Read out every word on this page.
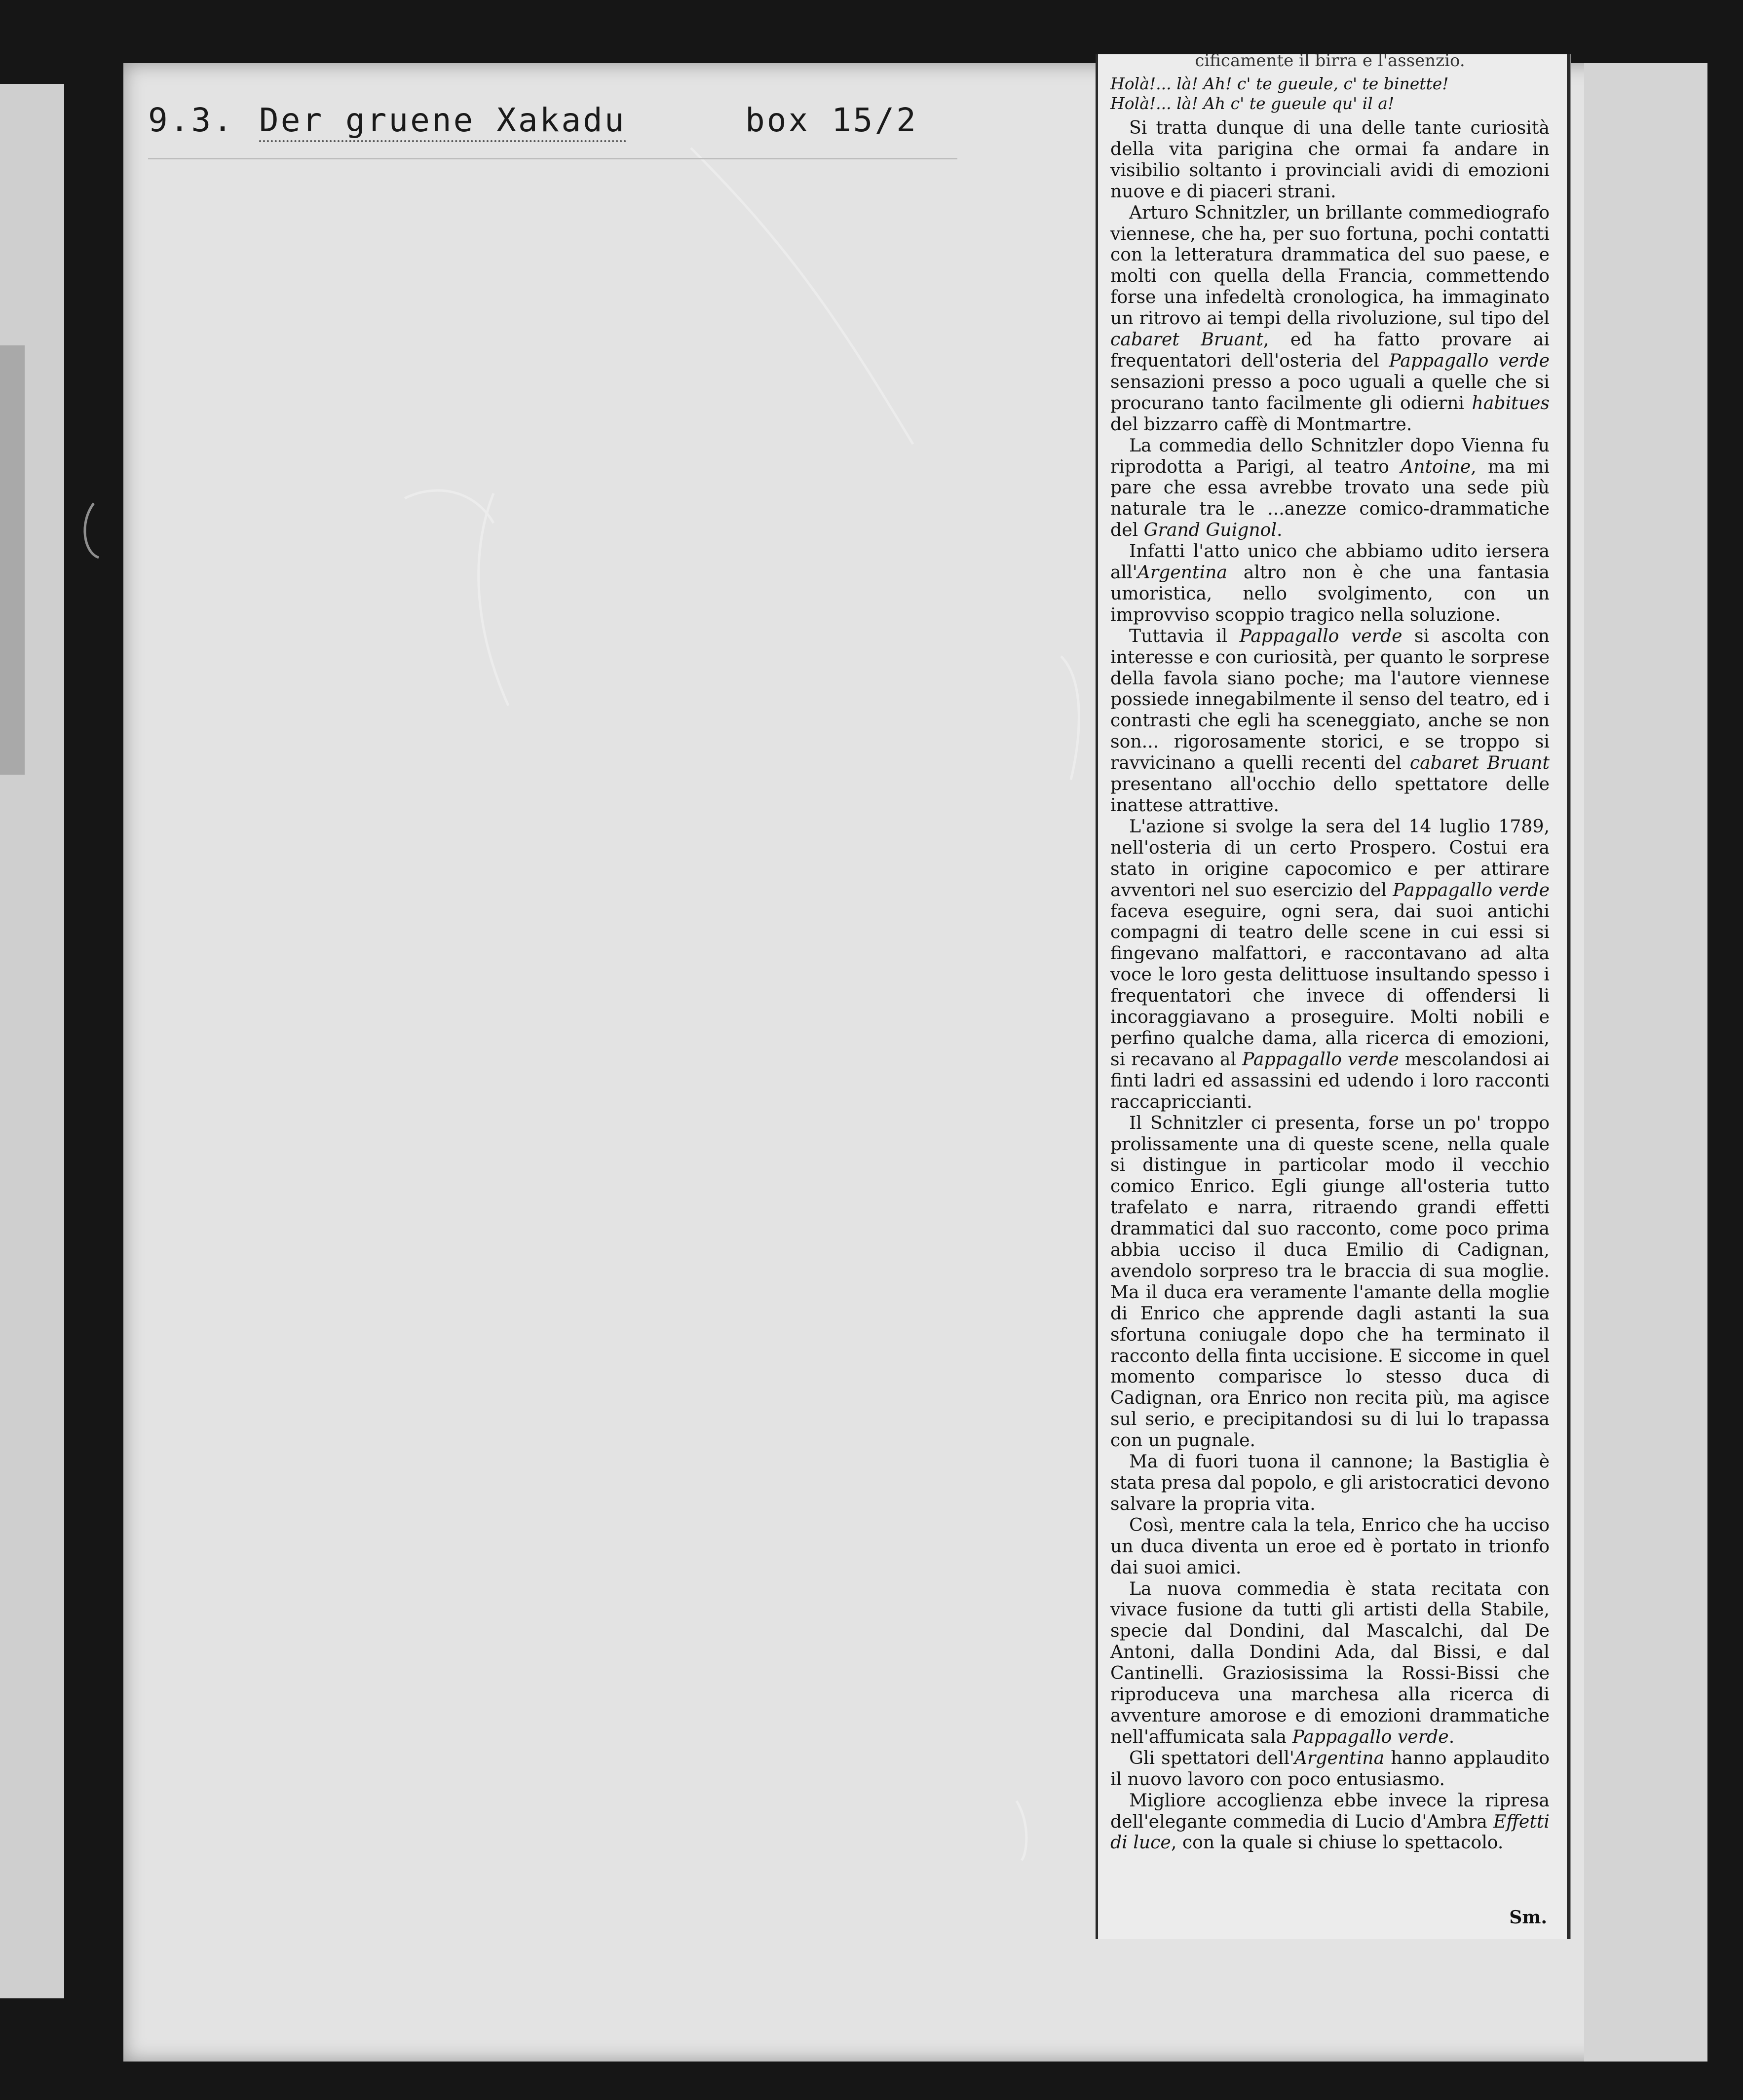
9.3. Der gruene Xakadu	box 15/2
cificamente il birra e l'assenzio.

Holà!... là! Ah! c' te gueule, c' te binette!
Holà!... là! Ah c' te gueule qu' il a!

Si tratta dunque di una delle tante curiosità della vita parigina che ormai fa andare in visibilio soltanto i provinciali avidi di emozioni nuove e di piaceri strani.

Arturo Schnitzler, un brillante commediografo viennese, che ha, per suo fortuna, pochi contatti con la letteratura drammatica del suo paese, e molti con quella della Francia, commettendo forse una infedeltà cronologica, ha immaginato un ritrovo ai tempi della rivoluzione, sul tipo del cabaret Bruant, ed ha fatto provare ai frequentatori dell'osteria del Pappagallo verde sensazioni presso a poco uguali a quelle che si procurano tanto facilmente gli odierni habitues del bizzarro caffè di Montmartre.

La commedia dello Schnitzler dopo Vienna fu riprodotta a Parigi, al teatro Antoine, ma mi pare che essa avrebbe trovato una sede più naturale tra le ...anezze comico-drammatiche del Grand Guignol.

Infatti l'atto unico che abbiamo udito iersera all'Argentina altro non è che una fantasia umoristica, nello svolgimento, con un improvviso scoppio tragico nella soluzione.

Tuttavia il Pappagallo verde si ascolta con interesse e con curiosità, per quanto le sorprese della favola siano poche; ma l'autore viennese possiede innegabilmente il senso del teatro, ed i contrasti che egli ha sceneggiato, anche se non son... rigorosamente storici, e se troppo si ravvicinano a quelli recenti del cabaret Bruant presentano all'occhio dello spettatore delle inattese attrattive.

L'azione si svolge la sera del 14 luglio 1789, nell'osteria di un certo Prospero. Costui era stato in origine capocomico e per attirare avventori nel suo esercizio del Pappagallo verde faceva eseguire, ogni sera, dai suoi antichi compagni di teatro delle scene in cui essi si fingevano malfattori, e raccontavano ad alta voce le loro gesta delittuose insultando spesso i frequentatori che invece di offendersi li incoraggiavano a proseguire. Molti nobili e perfino qualche dama, alla ricerca di emozioni, si recavano al Pappagallo verde mescolandosi ai finti ladri ed assassini ed udendo i loro racconti raccapriccianti.

Il Schnitzler ci presenta, forse un po' troppo prolissamente una di queste scene, nella quale si distingue in particolar modo il vecchio comico Enrico. Egli giunge all'osteria tutto trafelato e narra, ritraendo grandi effetti drammatici dal suo racconto, come poco prima abbia ucciso il duca Emilio di Cadignan, avendolo sorpreso tra le braccia di sua moglie. Ma il duca era veramente l'amante della moglie di Enrico che apprende dagli astanti la sua sfortuna coniugale dopo che ha terminato il racconto della finta uccisione. E siccome in quel momento comparisce lo stesso duca di Cadignan, ora Enrico non recita più, ma agisce sul serio, e precipitandosi su di lui lo trapassa con un pugnale.

Ma di fuori tuona il cannone; la Bastiglia è stata presa dal popolo, e gli aristocratici devono salvare la propria vita.

Così, mentre cala la tela, Enrico che ha ucciso un duca diventa un eroe ed è portato in trionfo dai suoi amici.

La nuova commedia è stata recitata con vivace fusione da tutti gli artisti della Stabile, specie dal Dondini, dal Mascalchi, dal De Antoni, dalla Dondini Ada, dal Bissi, e dal Cantinelli. Graziosissima la Rossi-Bissi che riproduceva una marchesa alla ricerca di avventure amorose e di emozioni drammatiche nell'affumicata sala Pappagallo verde.

Gli spettatori dell'Argentina hanno applaudito il nuovo lavoro con poco entusiasmo.

Migliore accoglienza ebbe invece la ripresa dell'elegante commedia di Lucio d'Ambra Effetti di luce, con la quale si chiuse lo spettacolo.

Sm.
